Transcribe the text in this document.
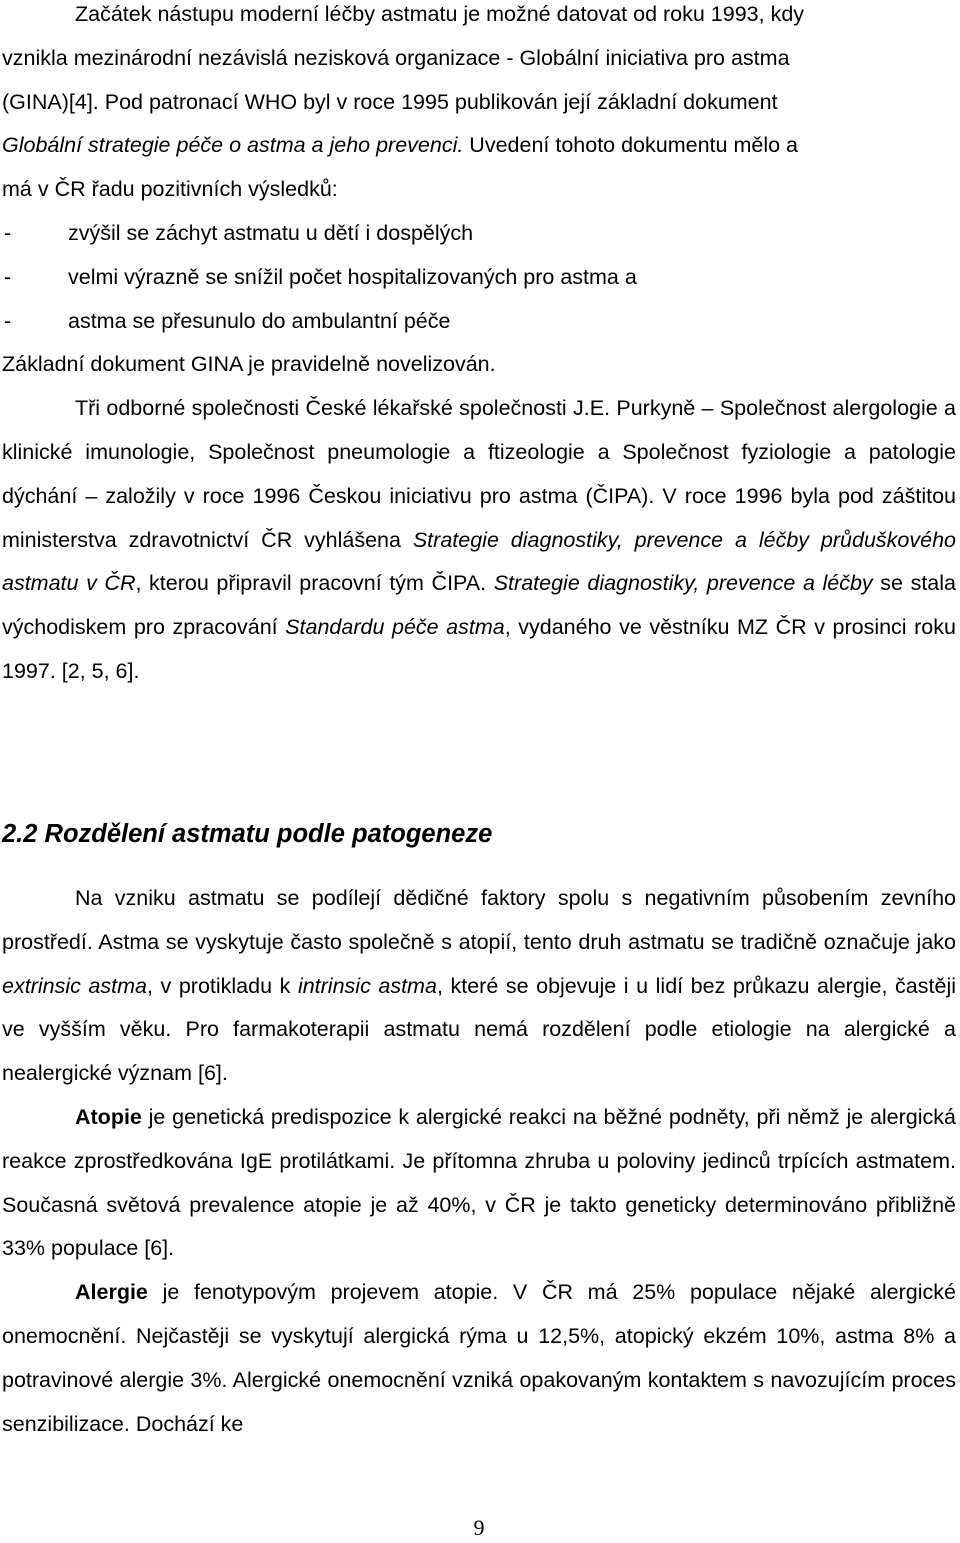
Začátek nástupu moderní léčby astmatu je možné datovat od roku 1993, kdy

vznikla mezinárodní nezávislá nezisková organizace - Globální iniciativa pro astma

(GINA)[4]. Pod patronací WHO byl v roce 1995 publikován její základní dokument

Globální strategie péče o astma a jeho prevenci. Uvedení tohoto dokumentu mělo a

má v ČR řadu pozitivních výsledků:

-	zvýšil se záchyt astmatu u dětí i dospělých
-	velmi výrazně se snížil počet hospitalizovaných pro astma a
-	astma se přesunulo do ambulantní péče

Základní dokument GINA je pravidelně novelizován.

Tři odborné společnosti České lékařské společnosti J.E. Purkyně – Společnost alergologie a klinické imunologie, Společnost pneumologie a ftizeologie a Společnost fyziologie a patologie dýchání – založily v roce 1996 Českou iniciativu pro astma (ČIPA). V roce 1996 byla pod záštitou ministerstva zdravotnictví ČR vyhlášena Strategie diagnostiky, prevence a léčby průduškového astmatu v ČR, kterou připravil pracovní tým ČIPA. Strategie diagnostiky, prevence a léčby se stala východiskem pro zpracování Standardu péče astma, vydaného ve věstníku MZ ČR v prosinci roku 1997. [2, 5, 6].

2.2 Rozdělení astmatu podle patogeneze

Na vzniku astmatu se podílejí dědičné faktory spolu s negativním působením zevního prostředí. Astma se vyskytuje často společně s atopií, tento druh astmatu se tradičně označuje jako extrinsic astma, v protikladu k intrinsic astma, které se objevuje i u lidí bez průkazu alergie, častěji ve vyšším věku. Pro farmakoterapii astmatu nemá rozdělení podle etiologie na alergické a nealergické význam [6].

Atopie je genetická predispozice k alergické reakci na běžné podněty, při němž je alergická reakce zprostředkována IgE protilátkami. Je přítomna zhruba u poloviny jedinců trpících astmatem. Současná světová prevalence atopie je až 40%, v ČR je takto geneticky determinováno přibližně 33% populace [6].

Alergie je fenotypovým projevem atopie. V ČR má 25% populace nějaké alergické onemocnění. Nejčastěji se vyskytují alergická rýma u 12,5%, atopický ekzém 10%, astma 8% a potravinové alergie 3%. Alergické onemocnění vzniká opakovaným kontaktem s navozujícím proces senzibilizace. Dochází ke

9
